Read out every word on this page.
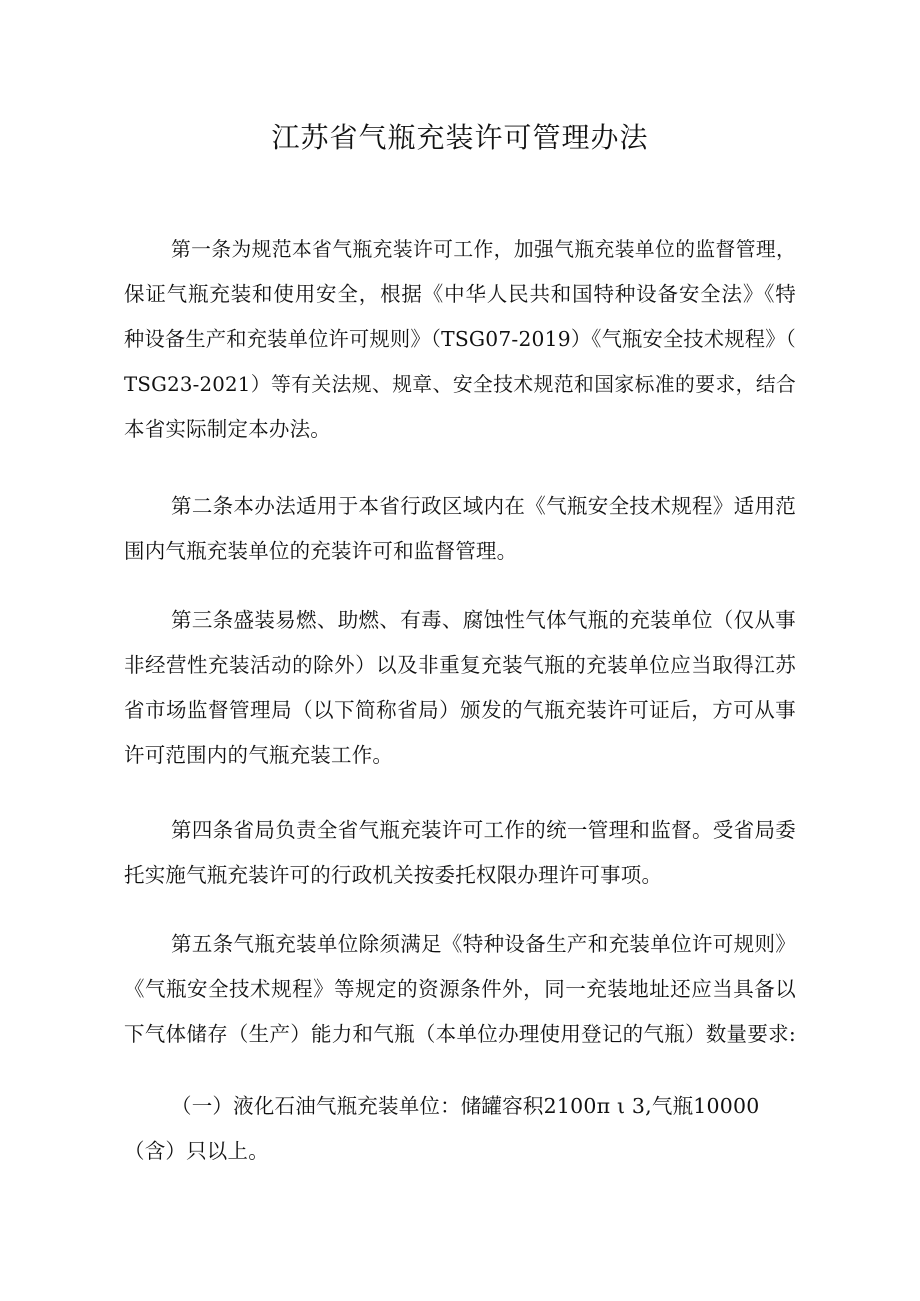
江苏省气瓶充装许可管理办法
第一条为规范本省气瓶充装许可工作，加强气瓶充装单位的监督管理，
保证气瓶充装和使用安全，根据《中华人民共和国特种设备安全法》《特
种设备生产和充装单位许可规则》（TSG07-2019）《气瓶安全技术规程》（
TSG23-2021）等有关法规、规章、安全技术规范和国家标准的要求，结合
本省实际制定本办法。
第二条本办法适用于本省行政区域内在《气瓶安全技术规程》适用范
围内气瓶充装单位的充装许可和监督管理。
第三条盛装易燃、助燃、有毒、腐蚀性气体气瓶的充装单位（仅从事
非经营性充装活动的除外）以及非重复充装气瓶的充装单位应当取得江苏
省市场监督管理局（以下简称省局）颁发的气瓶充装许可证后，方可从事
许可范围内的气瓶充装工作。
第四条省局负责全省气瓶充装许可工作的统一管理和监督。受省局委
托实施气瓶充装许可的行政机关按委托权限办理许可事项。
第五条气瓶充装单位除须满足《特种设备生产和充装单位许可规则》
《气瓶安全技术规程》等规定的资源条件外，同一充装地址还应当具备以
下气体储存（生产）能力和气瓶（本单位办理使用登记的气瓶）数量要求:
（一）液化石油气瓶充装单位：储罐容积2100π ι 3,气瓶10000
（含）只以上。
